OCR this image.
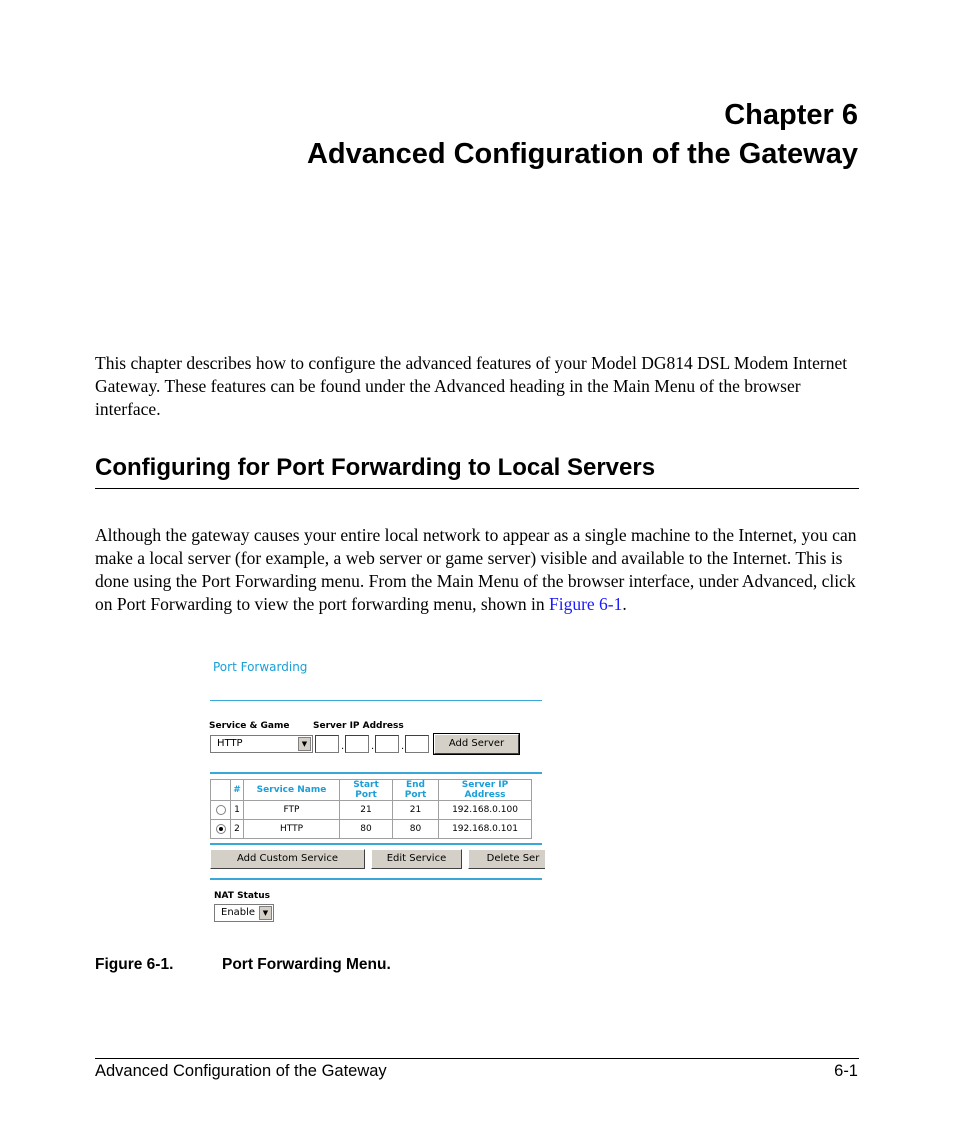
Chapter 6
Advanced Configuration of the Gateway

This chapter describes how to configure the advanced features of your Model DG814 DSL Modem Internet Gateway. These features can be found under the Advanced heading in the Main Menu of the browser interface.

Configuring for Port Forwarding to Local Servers

Although the gateway causes your entire local network to appear as a single machine to the Internet, you can make a local server (for example, a web server or game server) visible and available to the Internet. This is done using the Port Forwarding menu. From the Main Menu of the browser interface, under Advanced, click on Port Forwarding to view the port forwarding menu, shown in Figure 6-1.

Port Forwarding
Service & Game	Server IP Address
HTTP	▼	.	.	.	Add Server
	#	Service Name	Start Port	End Port	Server IP Address
	1	FTP	21	21	192.168.0.100
	2	HTTP	80	80	192.168.0.101
Add Custom Service	Edit Service	Delete Ser
NAT Status
Enable	▼
Figure 6-1.	Port Forwarding Menu.
Advanced Configuration of the Gateway	6-1
